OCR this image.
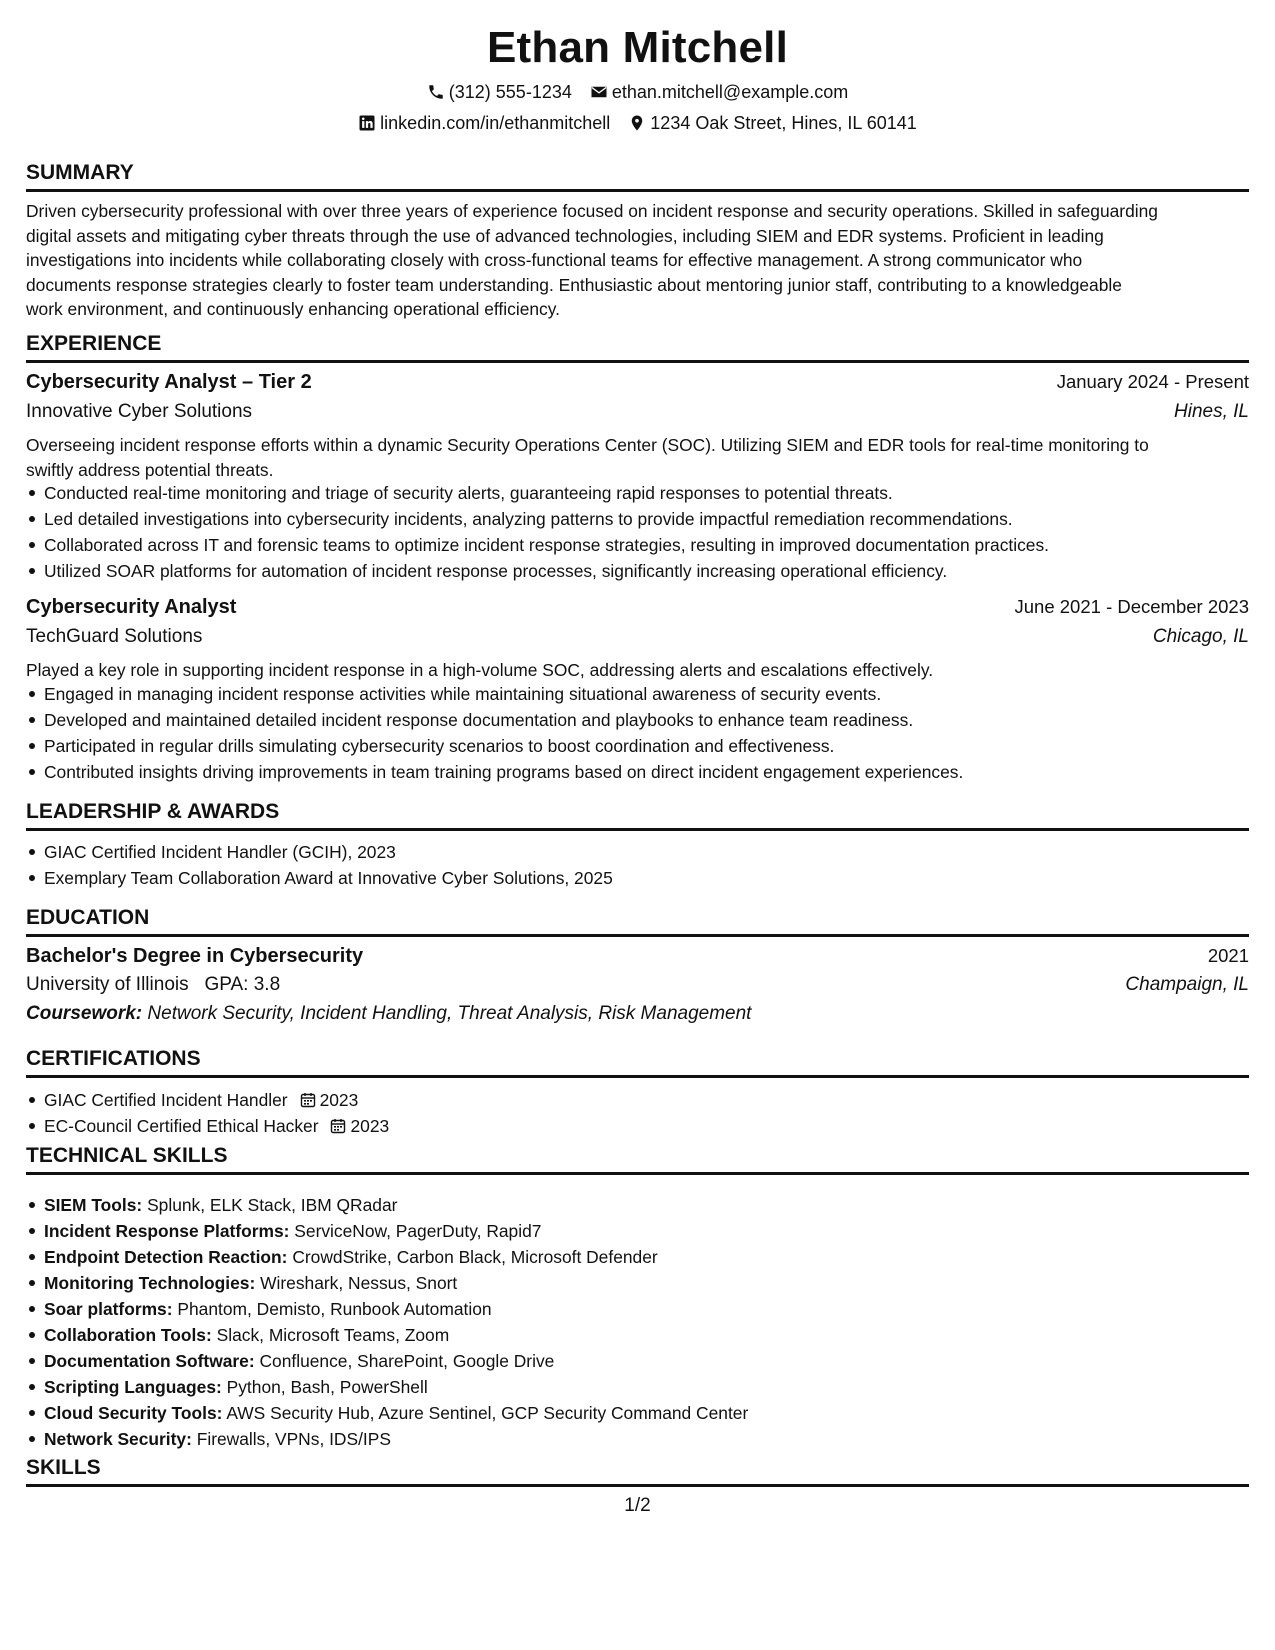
Ethan Mitchell
(312) 555-1234 ethan.mitchell@example.com
linkedin.com/in/ethanmitchell 1234 Oak Street, Hines, IL 60141
SUMMARY
Driven cybersecurity professional with over three years of experience focused on incident response and security operations. Skilled in safeguarding
digital assets and mitigating cyber threats through the use of advanced technologies, including SIEM and EDR systems. Proficient in leading
investigations into incidents while collaborating closely with cross-functional teams for effective management. A strong communicator who
documents response strategies clearly to foster team understanding. Enthusiastic about mentoring junior staff, contributing to a knowledgeable
work environment, and continuously enhancing operational efficiency.
EXPERIENCE
Cybersecurity Analyst – Tier 2	January 2024 - Present
Innovative Cyber Solutions	Hines, IL
Overseeing incident response efforts within a dynamic Security Operations Center (SOC). Utilizing SIEM and EDR tools for real-time monitoring to
swiftly address potential threats.
Conducted real-time monitoring and triage of security alerts, guaranteeing rapid responses to potential threats.
Led detailed investigations into cybersecurity incidents, analyzing patterns to provide impactful remediation recommendations.
Collaborated across IT and forensic teams to optimize incident response strategies, resulting in improved documentation practices.
Utilized SOAR platforms for automation of incident response processes, significantly increasing operational efficiency.
Cybersecurity Analyst	June 2021 - December 2023
TechGuard Solutions	Chicago, IL
Played a key role in supporting incident response in a high-volume SOC, addressing alerts and escalations effectively.
Engaged in managing incident response activities while maintaining situational awareness of security events.
Developed and maintained detailed incident response documentation and playbooks to enhance team readiness.
Participated in regular drills simulating cybersecurity scenarios to boost coordination and effectiveness.
Contributed insights driving improvements in team training programs based on direct incident engagement experiences.
LEADERSHIP & AWARDS
GIAC Certified Incident Handler (GCIH), 2023
Exemplary Team Collaboration Award at Innovative Cyber Solutions, 2025
EDUCATION
Bachelor's Degree in Cybersecurity	2021
University of Illinois GPA: 3.8	Champaign, IL
Coursework: Network Security, Incident Handling, Threat Analysis, Risk Management
CERTIFICATIONS
GIAC Certified Incident Handler 2023
EC-Council Certified Ethical Hacker 2023
TECHNICAL SKILLS
SIEM Tools: Splunk, ELK Stack, IBM QRadar
Incident Response Platforms: ServiceNow, PagerDuty, Rapid7
Endpoint Detection Reaction: CrowdStrike, Carbon Black, Microsoft Defender
Monitoring Technologies: Wireshark, Nessus, Snort
Soar platforms: Phantom, Demisto, Runbook Automation
Collaboration Tools: Slack, Microsoft Teams, Zoom
Documentation Software: Confluence, SharePoint, Google Drive
Scripting Languages: Python, Bash, PowerShell
Cloud Security Tools: AWS Security Hub, Azure Sentinel, GCP Security Command Center
Network Security: Firewalls, VPNs, IDS/IPS
SKILLS
1/2
